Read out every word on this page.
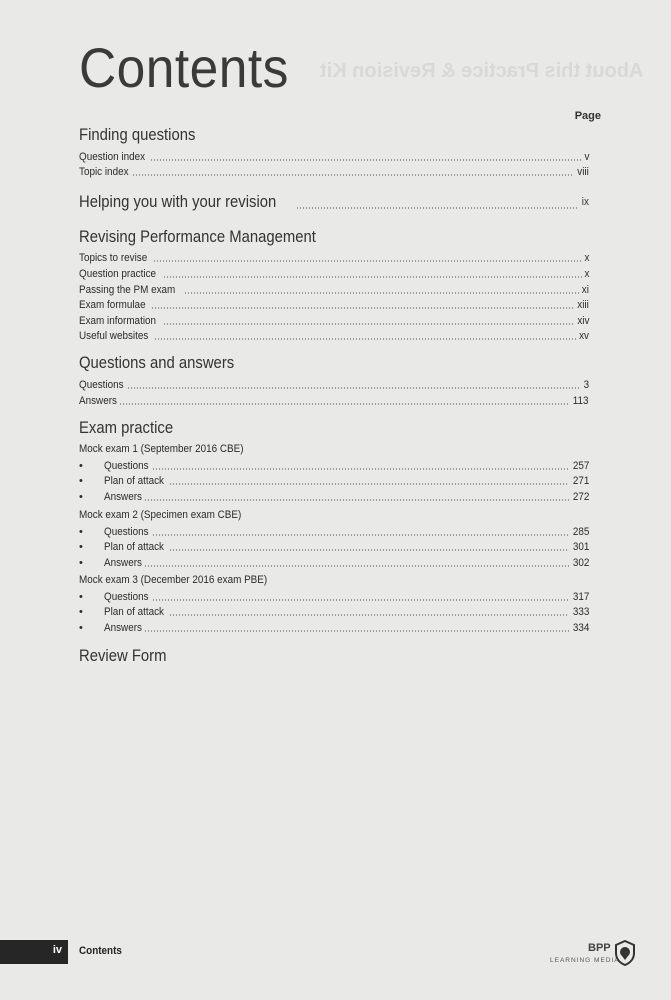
About this Practice & Revision Kit
Contents
Page
Finding questions
Question index	v
Topic index	viii
Helping you with your revision	ix
Revising Performance Management
Topics to revise	x
Question practice	x
Passing the PM exam	xi
Exam formulae	xiii
Exam information	xiv
Useful websites	xv
Questions and answers
Questions	3
Answers	113
Exam practice
Mock exam 1 (September 2016 CBE)
•	Questions	257
•	Plan of attack	271
•	Answers	272
Mock exam 2 (Specimen exam CBE)
•	Questions	285
•	Plan of attack	301
•	Answers	302
Mock exam 3 (December 2016 exam PBE)
•	Questions	317
•	Plan of attack	333
•	Answers	334
Review Form
iv Contents	BPP
LEARNING MEDIA
